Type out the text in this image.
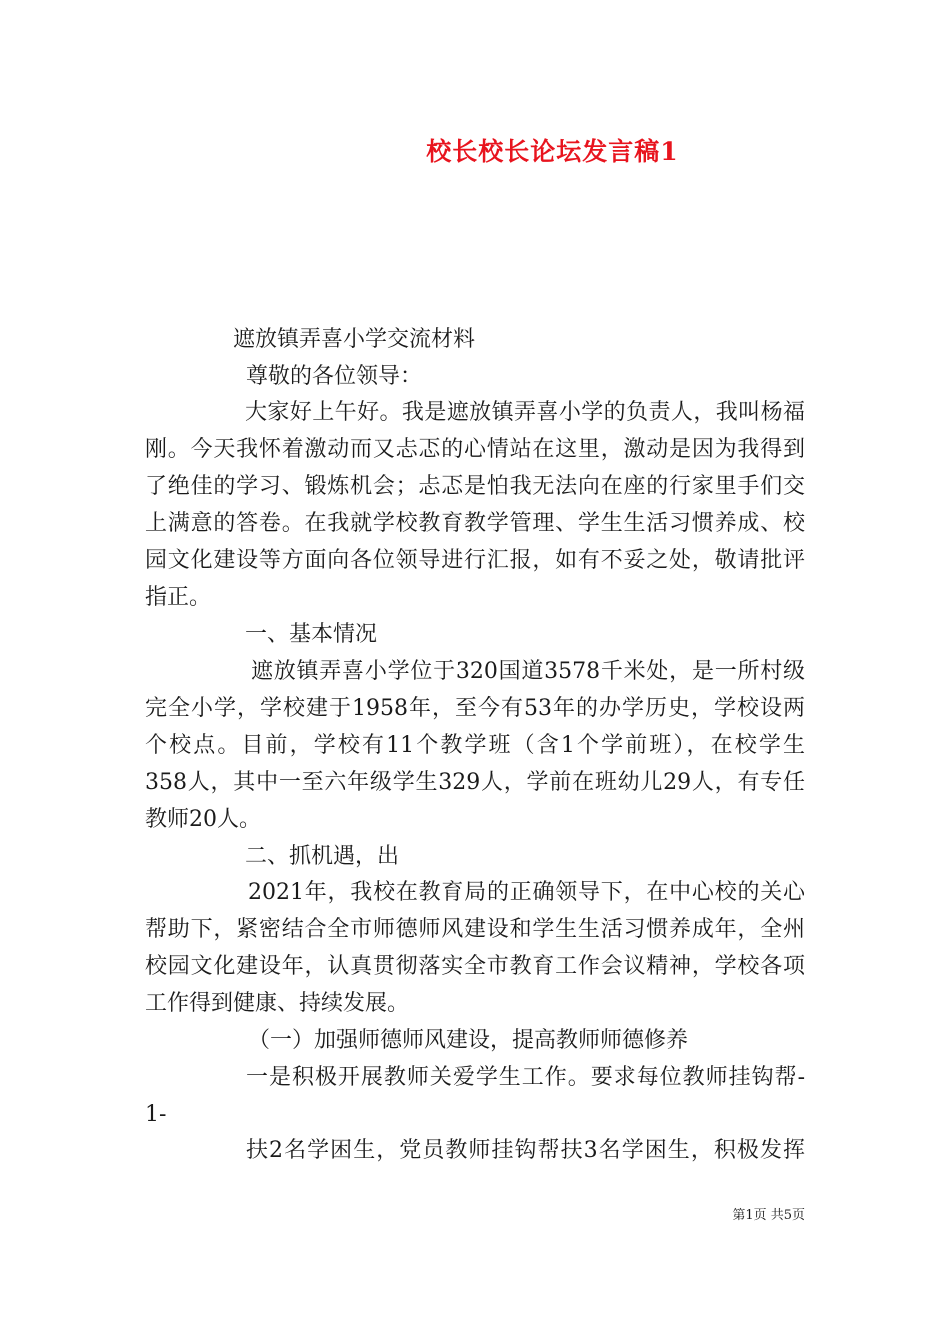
校长校长论坛发言稿1
遮放镇弄喜小学交流材料
尊敬的各位领导：
大家好上午好。我是遮放镇弄喜小学的负责人，我叫杨福
刚。今天我怀着激动而又忐忑的心情站在这里，激动是因为我得到
了绝佳的学习、锻炼机会；忐忑是怕我无法向在座的行家里手们交
上满意的答卷。在我就学校教育教学管理、学生生活习惯养成、校
园文化建设等方面向各位领导进行汇报，如有不妥之处，敬请批评
指正。
一、基本情况
遮放镇弄喜小学位于320国道3578千米处，是一所村级
完全小学，学校建于1958年，至今有53年的办学历史，学校设两
个校点。目前，学校有11个教学班（含1个学前班），在校学生
358人，其中一至六年级学生329人，学前在班幼儿29人，有专任
教师20人。
二、抓机遇，出
2021年，我校在教育局的正确领导下，在中心校的关心
帮助下，紧密结合全市师德师风建设和学生生活习惯养成年，全州
校园文化建设年，认真贯彻落实全市教育工作会议精神，学校各项
工作得到健康、持续发展。
（一）加强师德师风建设，提高教师师德修养
一是积极开展教师关爱学生工作。要求每位教师挂钩帮-
1-
扶2名学困生，党员教师挂钩帮扶3名学困生，积极发挥
第1页 共5页
